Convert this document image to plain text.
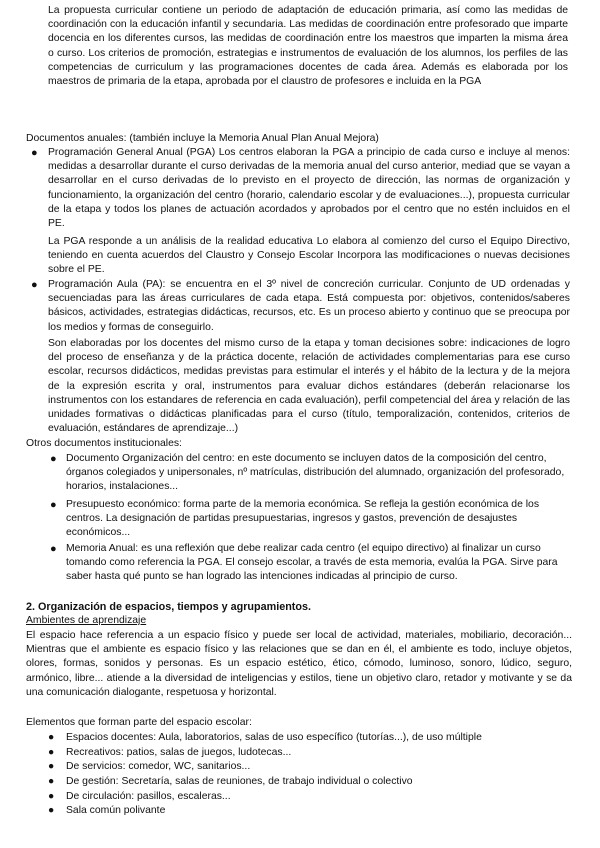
La propuesta curricular contiene un periodo de adaptación de educación primaria, así como las medidas de coordinación con la educación infantil y secundaria. Las medidas de coordinación entre profesorado que imparte docencia en los diferentes cursos, las medidas de coordinación entre los maestros que imparten la misma área o curso. Los criterios de promoción, estrategias e instrumentos de evaluación de los alumnos, los perfiles de las competencias de curriculum y las programaciones docentes de cada área. Además es elaborada por los maestros de primaria de la etapa, aprobada por el claustro de profesores e incluida en la PGA

Documentos anuales: (también incluye la Memoria Anual Plan Anual Mejora)

● Programación General Anual (PGA) Los centros elaboran la PGA a principio de cada curso e incluye al menos: medidas a desarrollar durante el curso derivadas de la memoria anual del curso anterior, mediad que se vayan a desarrollar en el curso derivadas de lo previsto en el proyecto de dirección, las normas de organización y funcionamiento, la organización del centro (horario, calendario escolar y de evaluaciones...), propuesta curricular de la etapa y todos los planes de actuación acordados y aprobados por el centro que no estén incluidos en el PE.

La PGA responde a un análisis de la realidad educativa Lo elabora al comienzo del curso el Equipo Directivo, teniendo en cuenta acuerdos del Claustro y Consejo Escolar Incorpora las modificaciones o nuevas decisiones sobre el PE.

● Programación Aula (PA): se encuentra en el 3º nivel de concreción curricular. Conjunto de UD ordenadas y secuenciadas para las áreas curriculares de cada etapa. Está compuesta por: objetivos, contenidos/saberes básicos, actividades, estrategias didácticas, recursos, etc. Es un proceso abierto y continuo que se preocupa por los medios y formas de conseguirlo.

Son elaboradas por los docentes del mismo curso de la etapa y toman decisiones sobre: indicaciones de logro del proceso de enseñanza y de la práctica docente, relación de actividades complementarias para ese curso escolar, recursos didácticos, medidas previstas para estimular el interés y el hábito de la lectura y de la mejora de la expresión escrita y oral, instrumentos para evaluar dichos estándares (deberán relacionarse los instrumentos con los estandares de referencia en cada evaluación), perfil competencial del área y relación de las unidades formativas o didácticas planificadas para el curso (título, temporalización, contenidos, criterios de evaluación, estándares de aprendizaje...)

Otros documentos institucionales:

● Documento Organización del centro: en este documento se incluyen datos de la composición del centro, órganos colegiados y unipersonales, nº matrículas, distribución del alumnado, organización del profesorado, horarios, instalaciones...

● Presupuesto económico: forma parte de la memoria económica. Se refleja la gestión económica de los centros. La designación de partidas presupuestarias, ingresos y gastos, prevención de desajustes económicos...

● Memoria Anual: es una reflexión que debe realizar cada centro (el equipo directivo) al finalizar un curso tomando como referencia la PGA. El consejo escolar, a través de esta memoria, evalúa la PGA. Sirve para saber hasta qué punto se han logrado las intenciones indicadas al principio de curso.

2. Organización de espacios, tiempos y agrupamientos.

Ambientes de aprendizaje

El espacio hace referencia a un espacio físico y puede ser local de actividad, materiales, mobiliario, decoración... Mientras que el ambiente es espacio físico y las relaciones que se dan en él, el ambiente es todo, incluye objetos, olores, formas, sonidos y personas. Es un espacio estético, ético, cómodo, luminoso, sonoro, lúdico, seguro, armónico, libre... atiende a la diversidad de inteligencias y estilos, tiene un objetivo claro, retador y motivante y se da una comunicación dialogante, respetuosa y horizontal.

Elementos que forman parte del espacio escolar:

● Espacios docentes: Aula, laboratorios, salas de uso específico (tutorías...), de uso múltiple
● Recreativos: patios, salas de juegos, ludotecas...
● De servicios: comedor, WC, sanitarios...
● De gestión: Secretaría, salas de reuniones, de trabajo individual o colectivo
● De circulación: pasillos, escaleras...
● Sala común polivante
